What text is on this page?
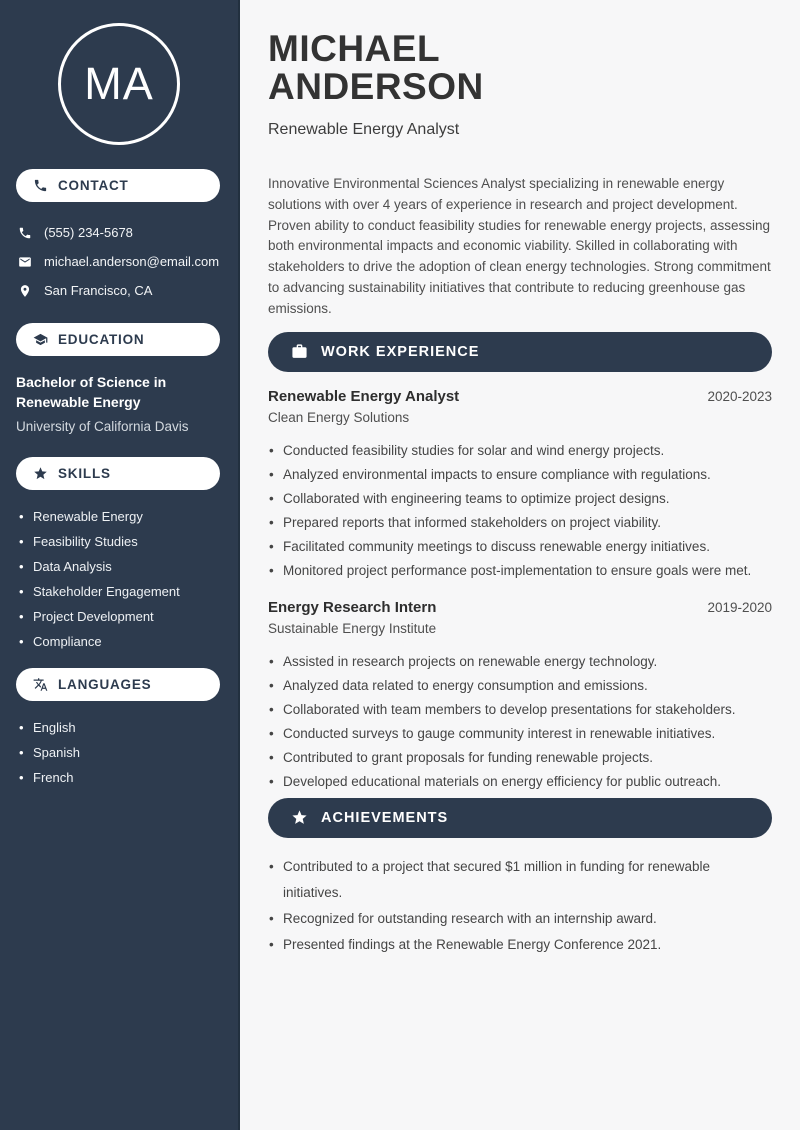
MA
CONTACT
(555) 234-5678
michael.anderson@email.com
San Francisco, CA
EDUCATION
Bachelor of Science in Renewable Energy
University of California Davis
SKILLS
• Renewable Energy
• Feasibility Studies
• Data Analysis
• Stakeholder Engagement
• Project Development
• Compliance
LANGUAGES
• English
• Spanish
• French
MICHAEL
ANDERSON
Renewable Energy Analyst

Innovative Environmental Sciences Analyst specializing in renewable energy solutions with over 4 years of experience in research and project development. Proven ability to conduct feasibility studies for renewable energy projects, assessing both environmental impacts and economic viability. Skilled in collaborating with stakeholders to drive the adoption of clean energy technologies. Strong commitment to advancing sustainability initiatives that contribute to reducing greenhouse gas emissions.

WORK EXPERIENCE
Renewable Energy Analyst	2020-2023
Clean Energy Solutions
• Conducted feasibility studies for solar and wind energy projects.
• Analyzed environmental impacts to ensure compliance with regulations.
• Collaborated with engineering teams to optimize project designs.
• Prepared reports that informed stakeholders on project viability.
• Facilitated community meetings to discuss renewable energy initiatives.
• Monitored project performance post-implementation to ensure goals were met.
Energy Research Intern	2019-2020
Sustainable Energy Institute
• Assisted in research projects on renewable energy technology.
• Analyzed data related to energy consumption and emissions.
• Collaborated with team members to develop presentations for stakeholders.
• Conducted surveys to gauge community interest in renewable initiatives.
• Contributed to grant proposals for funding renewable projects.
• Developed educational materials on energy efficiency for public outreach.
ACHIEVEMENTS
• Contributed to a project that secured $1 million in funding for renewable initiatives.
• Recognized for outstanding research with an internship award.
• Presented findings at the Renewable Energy Conference 2021.
